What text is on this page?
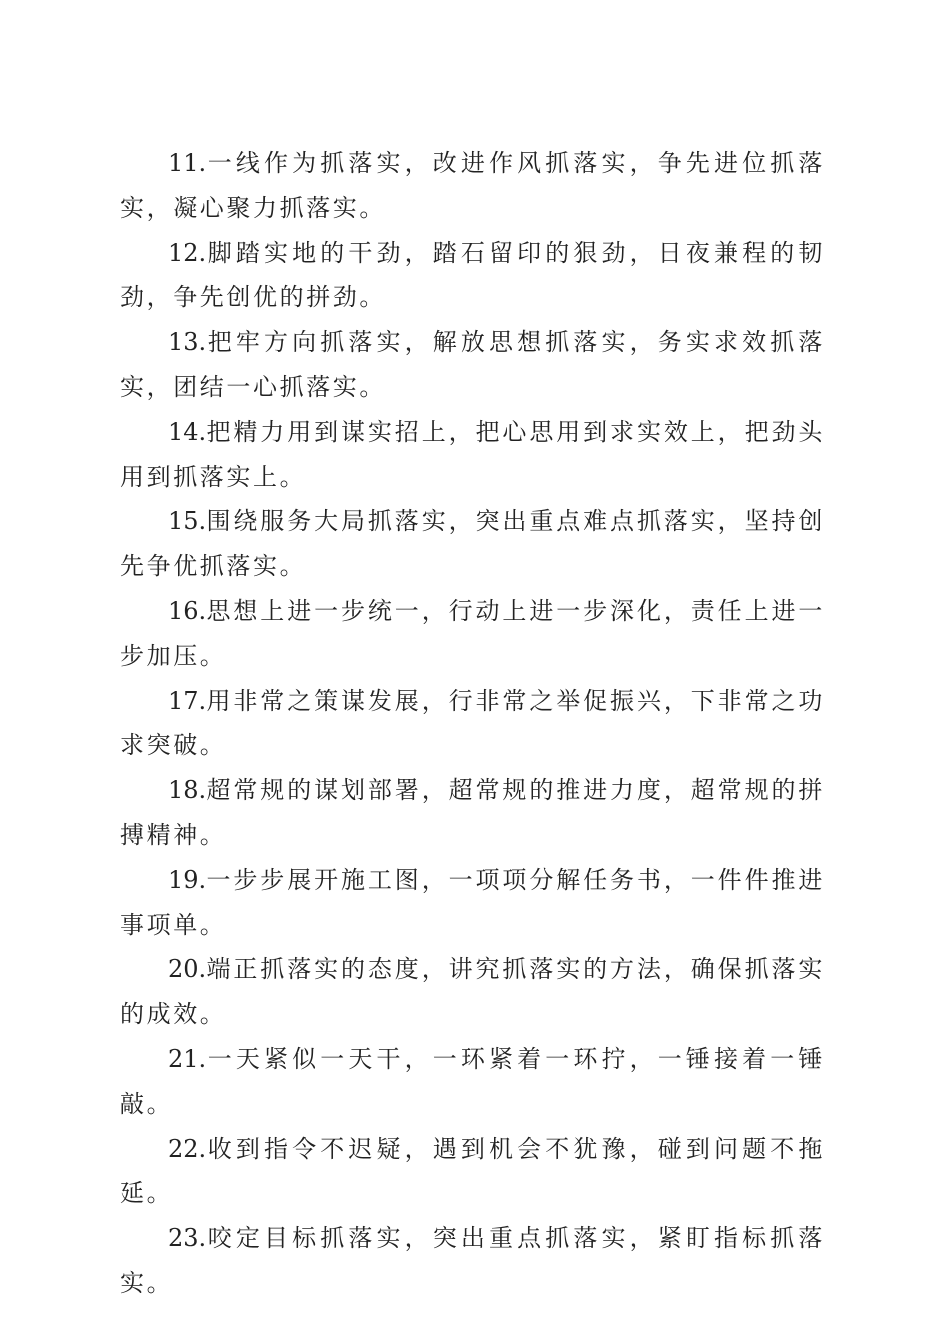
11.一线作为抓落实，改进作风抓落实，争先进位抓落实，凝心聚力抓落实。

12.脚踏实地的干劲，踏石留印的狠劲，日夜兼程的韧劲，争先创优的拼劲。

13.把牢方向抓落实，解放思想抓落实，务实求效抓落实，团结一心抓落实。

14.把精力用到谋实招上，把心思用到求实效上，把劲头用到抓落实上。

15.围绕服务大局抓落实，突出重点难点抓落实，坚持创先争优抓落实。

16.思想上进一步统一，行动上进一步深化，责任上进一步加压。

17.用非常之策谋发展，行非常之举促振兴，下非常之功求突破。

18.超常规的谋划部署，超常规的推进力度，超常规的拼搏精神。

19.一步步展开施工图，一项项分解任务书，一件件推进事项单。

20.端正抓落实的态度，讲究抓落实的方法，确保抓落实的成效。

21.一天紧似一天干，一环紧着一环拧，一锤接着一锤敲。

22.收到指令不迟疑，遇到机会不犹豫，碰到问题不拖延。

23.咬定目标抓落实，突出重点抓落实，紧盯指标抓落实。
